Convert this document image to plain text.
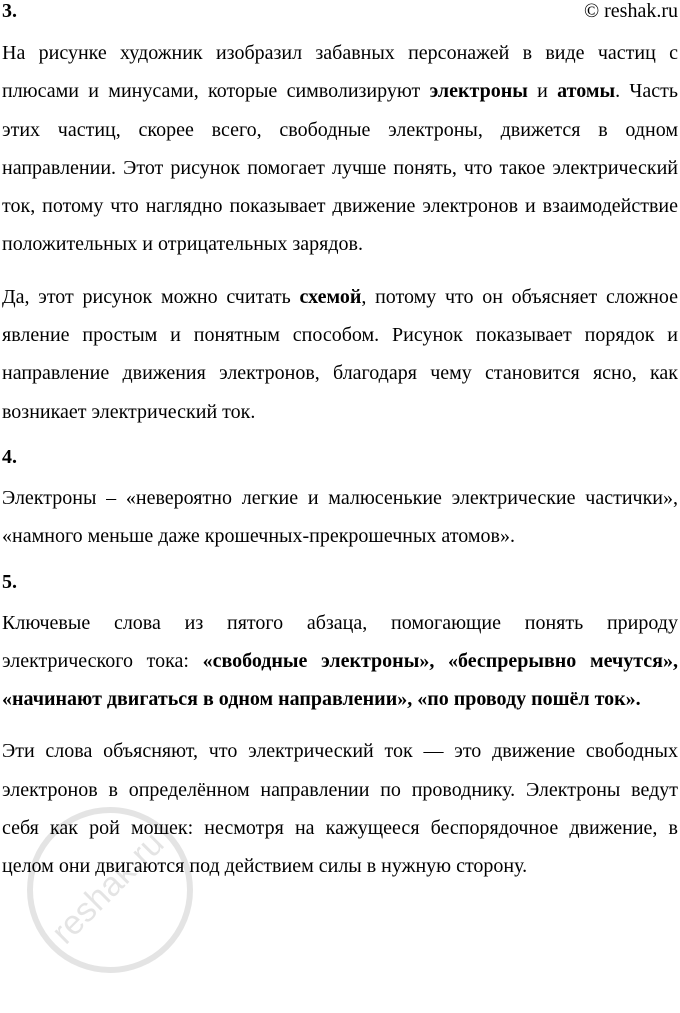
3.	© reshak.ru

На рисунке художник изобразил забавных персонажей в виде частиц с плюсами и минусами, которые символизируют электроны и атомы. Часть этих частиц, скорее всего, свободные электроны, движется в одном направлении. Этот рисунок помогает лучше понять, что такое электрический ток, потому что наглядно показывает движение электронов и взаимодействие положительных и отрицательных зарядов.

Да, этот рисунок можно считать схемой, потому что он объясняет сложное явление простым и понятным способом. Рисунок показывает порядок и направление движения электронов, благодаря чему становится ясно, как возникает электрический ток.

4.

Электроны – «невероятно легкие и малюсенькие электрические частички», «намного меньше даже крошечных-прекрошечных атомов».

5.

Ключевые слова из пятого абзаца, помогающие понять природу электрического тока: «свободные электроны», «беспрерывно мечутся», «начинают двигаться в одном направлении», «по проводу пошёл ток».

Эти слова объясняют, что электрический ток — это движение свободных электронов в определённом направлении по проводнику. Электроны ведут себя как рой мошек: несмотря на кажущееся беспорядочное движение, в целом они двигаются под действием силы в нужную сторону.

reshak.ru
